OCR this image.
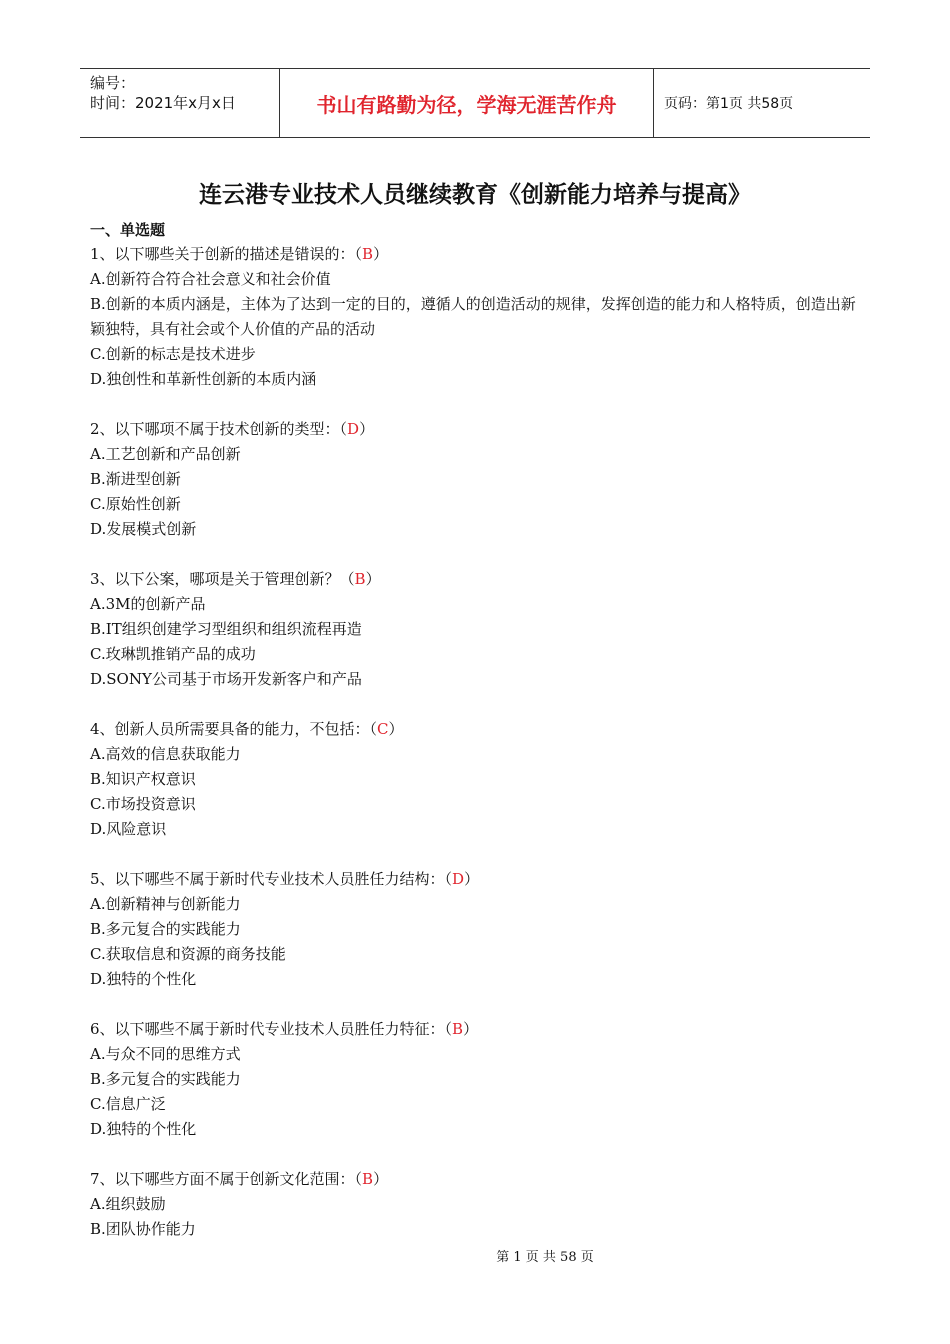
编号：
时间：2021年x月x日	书山有路勤为径，学海无涯苦作舟	页码：第1页 共58页
连云港专业技术人员继续教育《创新能力培养与提高》
一、单选题
1、以下哪些关于创新的描述是错误的：（B）
A.创新符合符合社会意义和社会价值
B.创新的本质内涵是，主体为了达到一定的目的，遵循人的创造活动的规律，发挥创造的能力和人格特质，创造出新颖独特，具有社会或个人价值的产品的活动
C.创新的标志是技术进步
D.独创性和革新性创新的本质内涵
2、以下哪项不属于技术创新的类型：（D）
A.工艺创新和产品创新
B.渐进型创新
C.原始性创新
D.发展模式创新
3、以下公案，哪项是关于管理创新？（B）
A.3M的创新产品
B.IT组织创建学习型组织和组织流程再造
C.玫琳凯推销产品的成功
D.SONY公司基于市场开发新客户和产品
4、创新人员所需要具备的能力，不包括：（C）
A.高效的信息获取能力
B.知识产权意识
C.市场投资意识
D.风险意识
5、以下哪些不属于新时代专业技术人员胜任力结构：（D）
A.创新精神与创新能力
B.多元复合的实践能力
C.获取信息和资源的商务技能
D.独特的个性化
6、以下哪些不属于新时代专业技术人员胜任力特征：（B）
A.与众不同的思维方式
B.多元复合的实践能力
C.信息广泛
D.独特的个性化
7、以下哪些方面不属于创新文化范围：（B）
A.组织鼓励
B.团队协作能力
第 1 页 共 58 页
